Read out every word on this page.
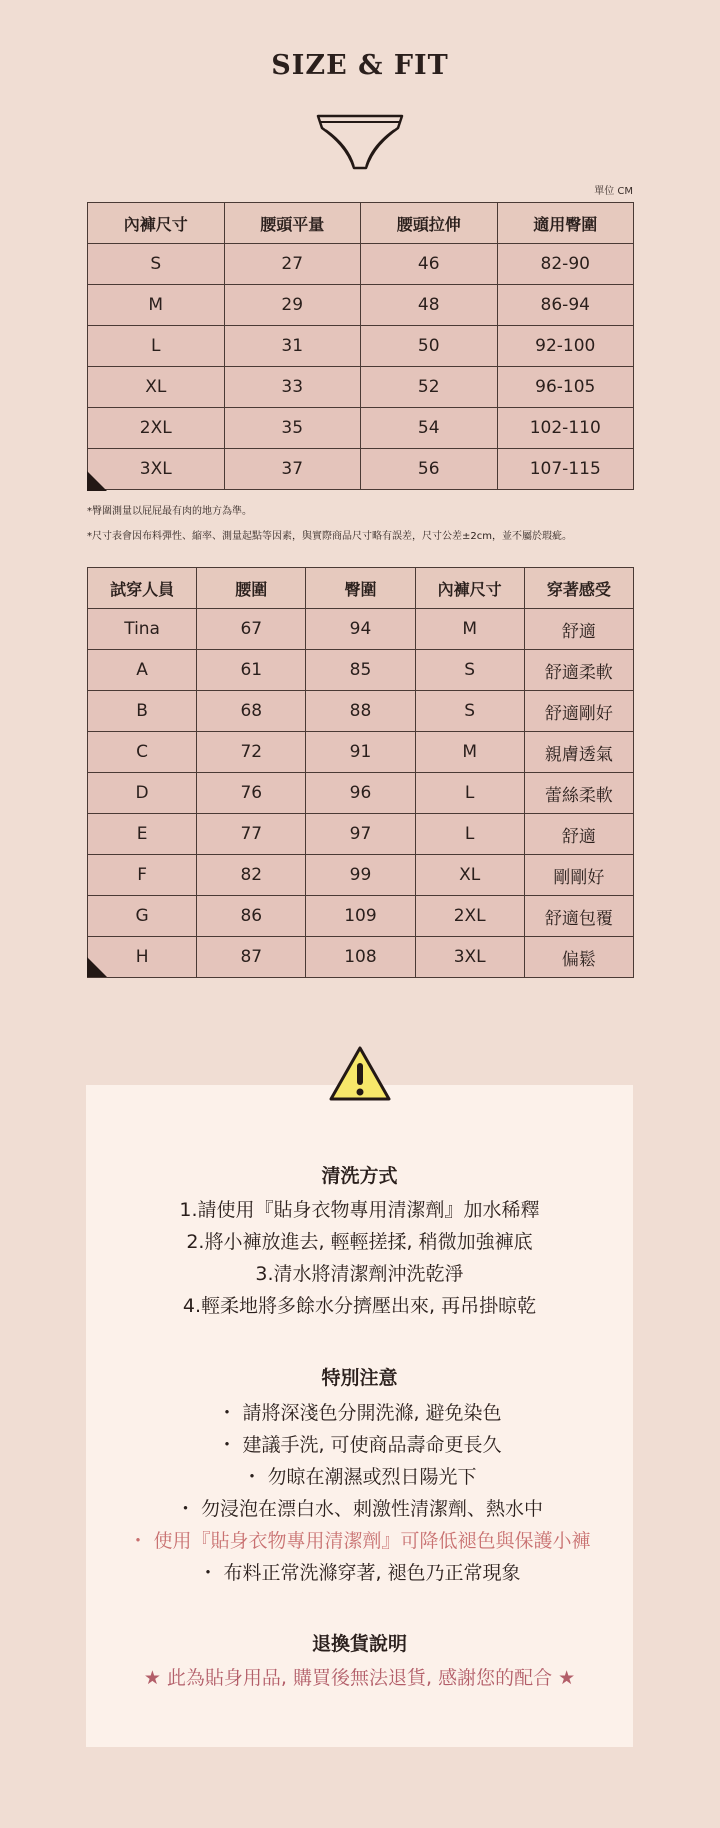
SIZE & FIT
單位 CM
內褲尺寸	腰頭平量	腰頭拉伸	適用臀圍
S	27	46	82-90
M	29	48	86-94
L	31	50	92-100
XL	33	52	96-105
2XL	35	54	102-110
3XL	37	56	107-115
*臀圍測量以屁屁最有肉的地方為準。
*尺寸表會因布料彈性、縮率、測量起點等因素，與實際商品尺寸略有誤差，尺寸公差±2cm，並不屬於瑕疵。
試穿人員	腰圍	臀圍	內褲尺寸	穿著感受
Tina	67	94	M	舒適
A	61	85	S	舒適柔軟
B	68	88	S	舒適剛好
C	72	91	M	親膚透氣
D	76	96	L	蕾絲柔軟
E	77	97	L	舒適
F	82	99	XL	剛剛好
G	86	109	2XL	舒適包覆
H	87	108	3XL	偏鬆
清洗方式
1.請使用『貼身衣物專用清潔劑』加水稀釋
2.將小褲放進去, 輕輕搓揉, 稍微加強褲底
3.清水將清潔劑沖洗乾淨
4.輕柔地將多餘水分擠壓出來, 再吊掛晾乾
特別注意
・ 請將深淺色分開洗滌, 避免染色
・ 建議手洗, 可使商品壽命更長久
・ 勿晾在潮濕或烈日陽光下
・ 勿浸泡在漂白水、刺激性清潔劑、熱水中
・ 使用『貼身衣物專用清潔劑』可降低褪色與保護小褲
・ 布料正常洗滌穿著, 褪色乃正常現象
退換貨說明
★ 此為貼身用品, 購買後無法退貨, 感謝您的配合 ★
